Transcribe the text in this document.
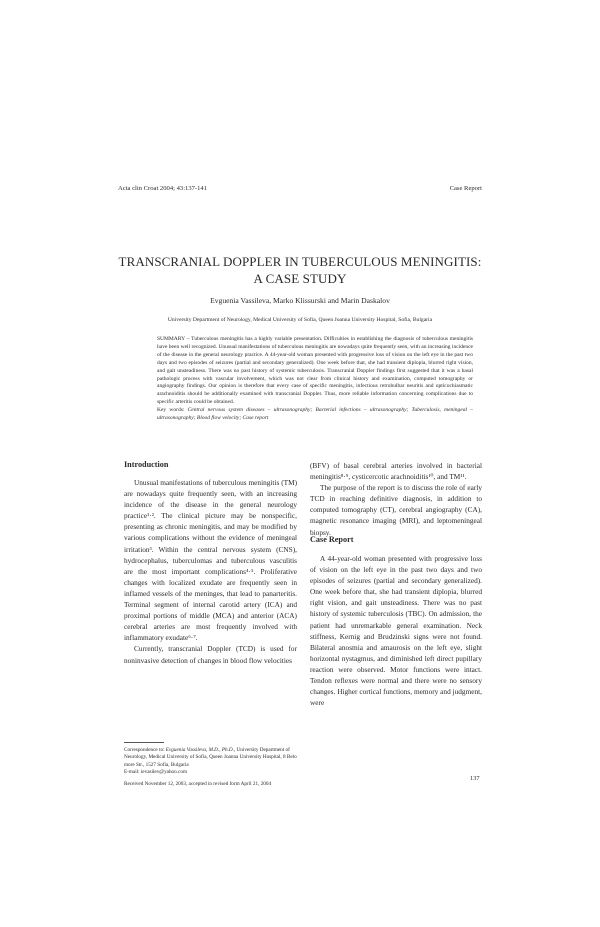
Acta clin Croat 2004; 43:137-141	Case Report
TRANSCRANIAL DOPPLER IN TUBERCULOUS MENINGITIS:
A CASE STUDY
Evguenia Vassileva, Marko Klissurski and Marin Daskalov
University Department of Neurology, Medical University of Sofia, Queen Joanna University Hospital, Sofia, Bulgaria
SUMMARY – Tuberculous meningitis has a highly variable presentation. Difficulties in establishing the diagnosis of tuberculous meningitis have been well recognized. Unusual manifestations of tuberculous meningitis are nowadays quite frequently seen, with an increasing incidence of the disease in the general neurology practice. A 44-year-old woman presented with progressive loss of vision on the left eye in the past two days and two episodes of seizures (partial and secondary generalized). One week before that, she had transient diplopia, blurred right vision, and gait unsteadiness. There was no past history of systemic tuberculosis. Transcranial Doppler findings first suggested that it was a basal pathologic process with vascular involvement, which was not clear from clinical history and examination, computed tomography or angiography findings. Our opinion is therefore that every case of specific meningitis, infectious retrobulbar neuritis and opticochiasmatic arachnoiditis should be additionally examined with transcranial Doppler. Thus, more reliable information concerning complications due to specific arteritis could be obtained.
Key words: Central nervous system diseases – ultrasonography; Bacterial infections – ultrasonography; Tuberculosis, meningeal – ultrasonography; Blood flow velocity; Case report
Introduction

Unusual manifestations of tuberculous meningitis (TM) are nowadays quite frequently seen, with an increasing incidence of the disease in the general neurology practice¹·². The clinical picture may be nonspecific, presenting as chronic meningitis, and may be modified by various complications without the evidence of meningeal irritation³. Within the central nervous system (CNS), hydrocephalus, tuberculomas and tuberculous vasculitis are the most important complications⁴·⁵. Proliferative changes with localized exudate are frequently seen in inflamed vessels of the meninges, that lead to panarteritis. Terminal segment of internal carotid artery (ICA) and proximal portions of middle (MCA) and anterior (ACA) cerebral arteries are most frequently involved with inflammatory exudate⁶·⁷.

Currently, transcranial Doppler (TCD) is used for noninvasive detection of changes in blood flow velocities

(BFV) of basal cerebral arteries involved in bacterial meningitis⁸·⁹, cysticercotic arachnoiditis¹⁰, and TM¹¹.

The purpose of the report is to discuss the role of early TCD in reaching definitive diagnosis, in addition to computed tomography (CT), cerebral angiography (CA), magnetic resonance imaging (MRI), and leptomeningeal biopsy.

Case Report

A 44-year-old woman presented with progressive loss of vision on the left eye in the past two days and two episodes of seizures (partial and secondary generalized). One week before that, she had transient diplopia, blurred right vision, and gait unsteadiness. There was no past history of systemic tuberculosis (TBC). On admission, the patient had unremarkable general examination. Neck stiffness, Kernig and Brudzinski signs were not found. Bilateral anosmia and amaurosis on the left eye, slight horizontal nystagmus, and diminished left direct pupillary reaction were observed. Motor functions were intact. Tendon reflexes were normal and there were no sensory changes. Higher cortical functions, memory and judgment, were

Correspondence to: Evguenia Vassileva, M.D., Ph.D., University Department of Neurology, Medical University of Sofia, Queen Joanna University Hospital, 8 Belo more Str., 1527 Sofia, Bulgaria
E-mail: ievasilev@yahoo.com
Received November 12, 2003, accepted in revised form April 21, 2004
137
